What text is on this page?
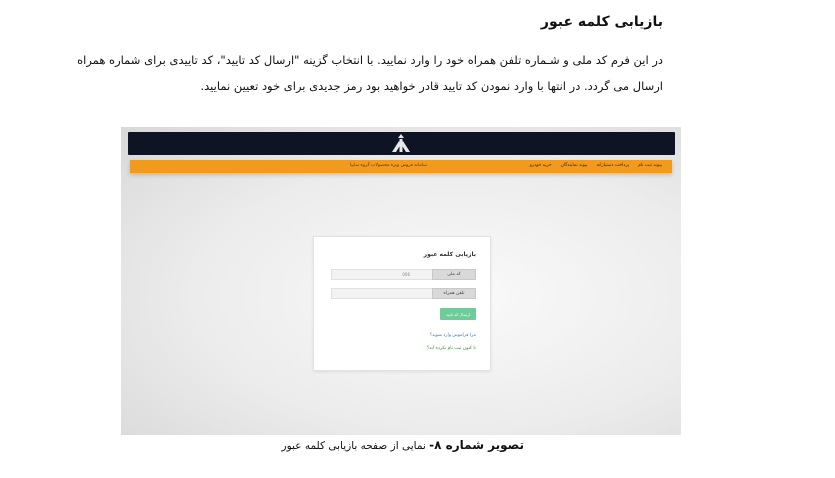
بازیابی کلمه عبور
در این فرم کد ملی و شـماره تلفن همراه خود را وارد نمایید. با انتخاب گزینه "ارسال کد تایید"، کد تاییدی برای شماره همراه
ارسال می گردد. در انتها با وارد نمودن کد تایید قادر خواهید بود رمز جدیدی برای خود تعیین نمایید.
سامانه فروش ویژه محصولات گروه سایپا	خرید خودرو پیوند نمایندگان پرداخت دستیارانه پیوند ثبت نام
بازیابی کلمه عبور
کد ملی
006
تلفن همراه
ارسال کد تایید
مرا فراموش وارد شوید؟
تا کنون ثبت نام نکرده اید؟
تصویر شماره ۸- نمایی از صفحه بازیابی کلمه عبور
